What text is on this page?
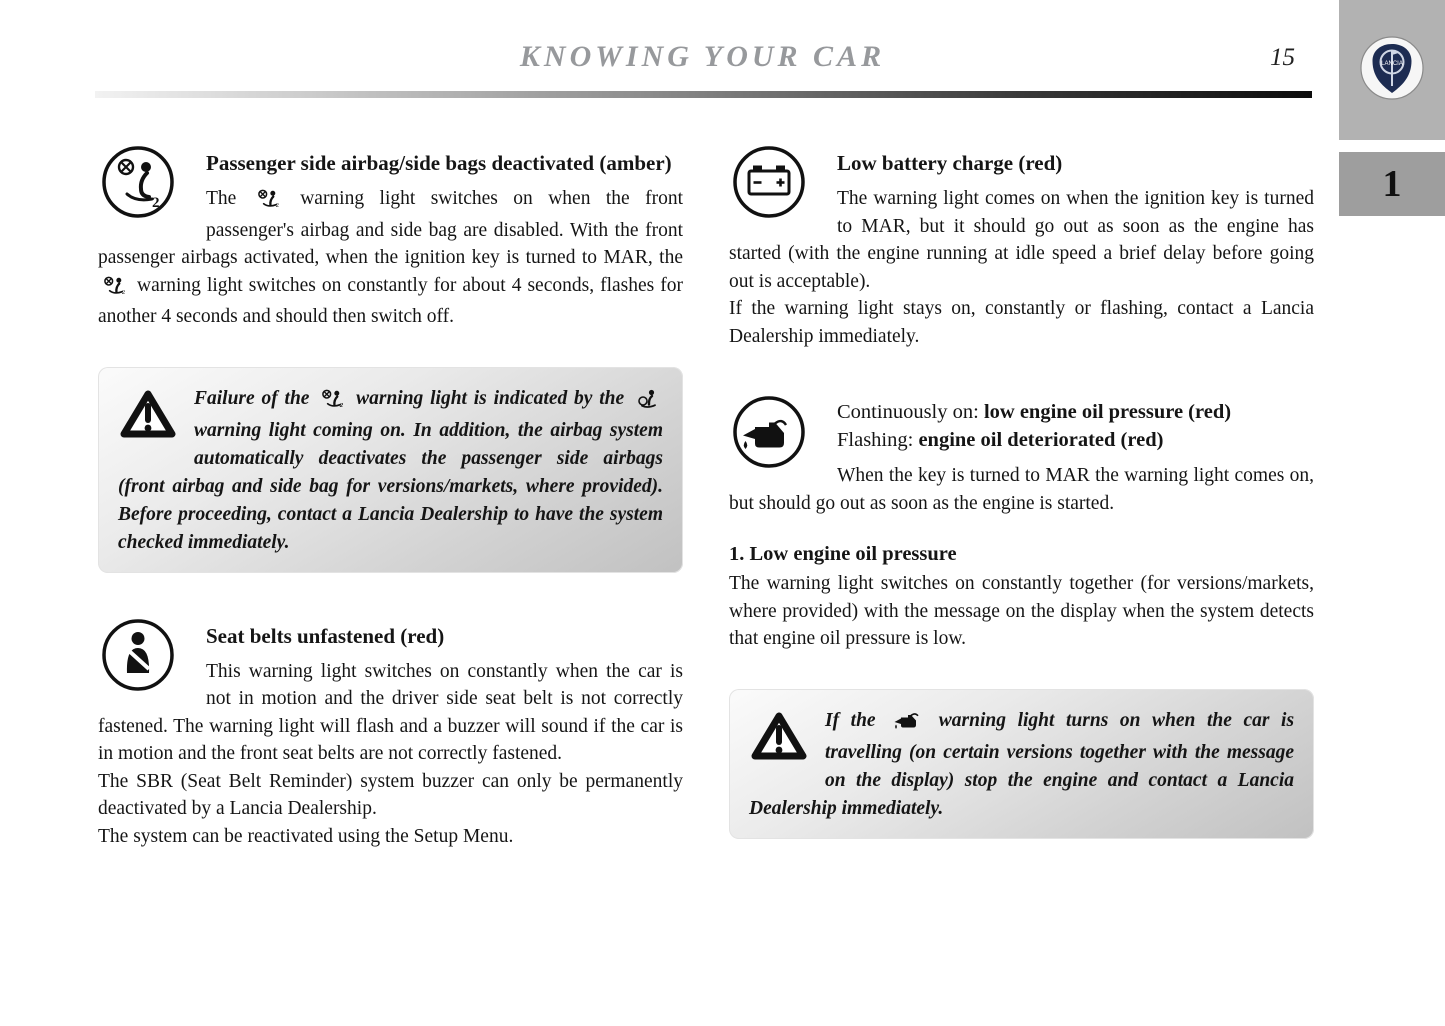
KNOWING YOUR CAR	15	LANCIA
1
2
Passenger side airbag/side bags deactivated (amber)

The	2 warning light switches on when the front passenger's airbag and side bag are disabled. With the front passenger airbags activated, when the ignition key is turned to MAR, the
2 warning light switches on constantly for about 4 seconds, flashes for another 4 seconds and should then switch off.

Failure of the	2 warning light is indicated by the  warning light coming on. In addition, the airbag system automatically deactivates the passenger side airbags (front airbag and side bag for versions/markets, where provided). Before proceeding, contact a Lancia Dealership to have the system checked immediately.

Seat belts unfastened (red)

This warning light switches on constantly when the car is not in motion and the driver side seat belt is not correctly fastened. The warning light will flash and a buzzer will sound if the car is in motion and the front seat belts are not correctly fastened.

The SBR (Seat Belt Reminder) system buzzer can only be permanently deactivated by a Lancia Dealership.

The system can be reactivated using the Setup Menu.

Low battery charge (red)

The warning light comes on when the ignition key is turned to MAR, but it should go out as soon as the engine has started (with the engine running at idle speed a brief delay before going out is acceptable).

If the warning light stays on, constantly or flashing, contact a Lancia Dealership immediately.

Continuously on: low engine oil pressure (red)
Flashing: engine oil deteriorated (red)

When the key is turned to MAR the warning light comes on, but should go out as soon as the engine is started.

1. Low engine oil pressure

The warning light switches on constantly together (for versions/markets, where provided) with the message on the display when the system detects that engine oil pressure is low.

If the	warning light turns on when the car is travelling (on certain versions together with the message on the display) stop the engine and contact a Lancia Dealership immediately.
